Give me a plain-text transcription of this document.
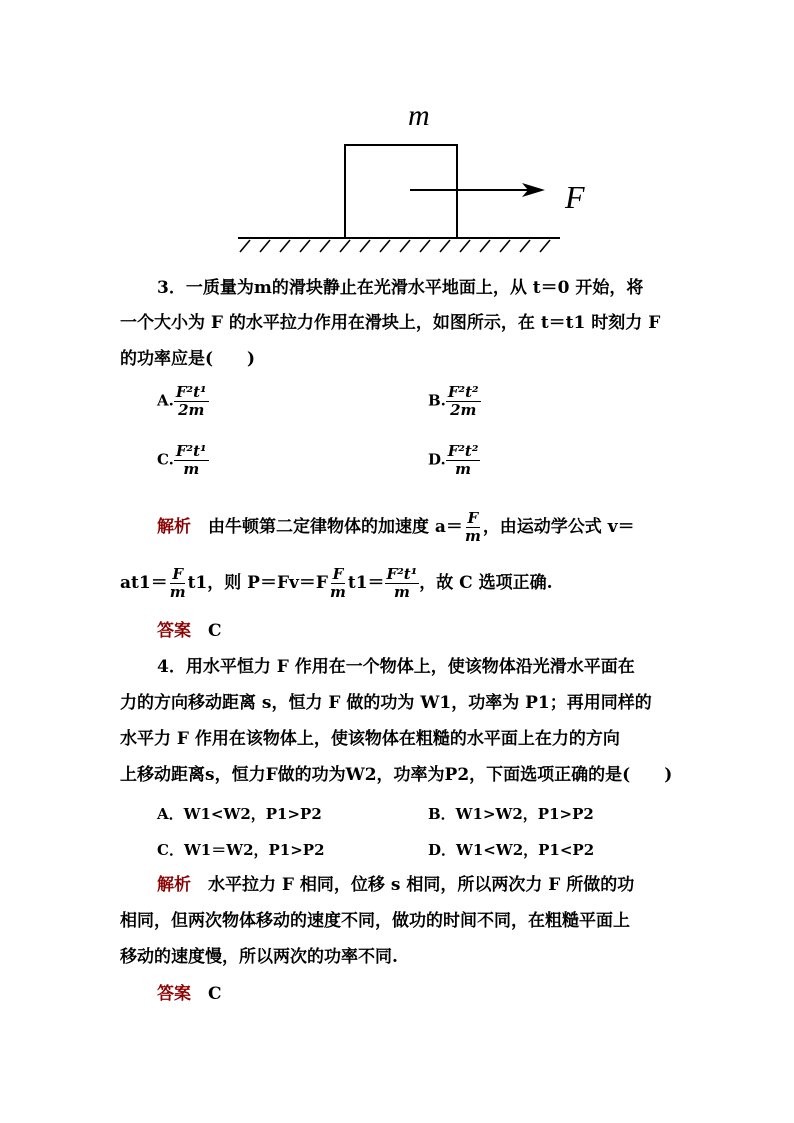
m
F
3．一质量为m的滑块静止在光滑水平地面上，从 t＝0 开始，将
一个大小为 F 的水平拉力作用在滑块上，如图所示，在 t＝t1 时刻力 F
的功率应是(　　)
A. $\frac{\text{F²t¹}}{2m}$	B. $\frac{\text{F²t²}}{2m}$
C. $\frac{\text{F²t¹}}{m}$	D. $\frac{\text{F²t²}}{m}$
解析　 由牛顿第二定律物体的加速度 $a= \frac{F}{m}$ ，由运动学公式 v＝
$at1= \frac{F}{m} t1$，则 $P=Fv=F \frac{F}{m} t1= \frac{\text{F²t¹}}{m}$ ，故 C 选项正确.
答案　 C
4．用水平恒力 F 作用在一个物体上，使该物体沿光滑水平面在
力的方向移动距离 s，恒力 F 做的功为 W1，功率为 P1；再用同样的
水平力 F 作用在该物体上，使该物体在粗糙的水平面上在力的方向
上移动距离s，恒力F做的功为W2，功率为P2，下面选项正确的是(　　)
A．W1<W2，P1>P2	B．W1>W2，P1>P2
C．W1＝W2，P1>P2	D．W1<W2，P1<P2
解析　 水平拉力 F 相同，位移 s 相同，所以两次力 F 所做的功
相同，但两次物体移动的速度不同，做功的时间不同，在粗糙平面上
移动的速度慢，所以两次的功率不同.
答案　 C
